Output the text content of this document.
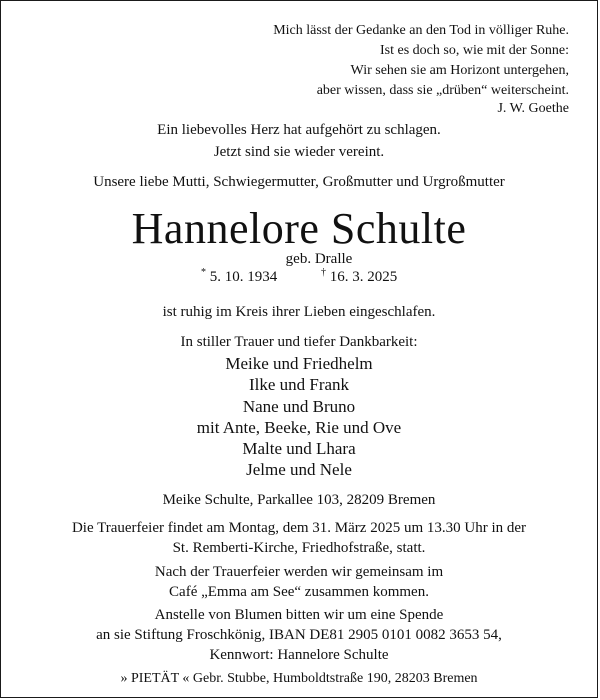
Mich lässt der Gedanke an den Tod in völliger Ruhe.
Ist es doch so, wie mit der Sonne:
Wir sehen sie am Horizont untergehen,
aber wissen, dass sie „drüben“ weiterscheint.
J. W. Goethe
Ein liebevolles Herz hat aufgehört zu schlagen.
Jetzt sind sie wieder vereint.
Unsere liebe Mutti, Schwiegermutter, Großmutter und Urgroßmutter
Hannelore Schulte
geb. Dralle
* 5. 10. 1934	† 16. 3. 2025
ist ruhig im Kreis ihrer Lieben eingeschlafen.
In stiller Trauer und tiefer Dankbarkeit:
Meike und Friedhelm
Ilke und Frank
Nane und Bruno
mit Ante, Beeke, Rie und Ove
Malte und Lhara
Jelme und Nele
Meike Schulte, Parkallee 103, 28209 Bremen
Die Trauerfeier findet am Montag, dem 31. März 2025 um 13.30 Uhr in der
St. Remberti-Kirche, Friedhofstraße, statt.
Nach der Trauerfeier werden wir gemeinsam im
Café „Emma am See“ zusammen kommen.
Anstelle von Blumen bitten wir um eine Spende
an sie Stiftung Froschkönig, IBAN DE81 2905 0101 0082 3653 54,
Kennwort: Hannelore Schulte
» PIETÄT « Gebr. Stubbe, Humboldtstraße 190, 28203 Bremen
